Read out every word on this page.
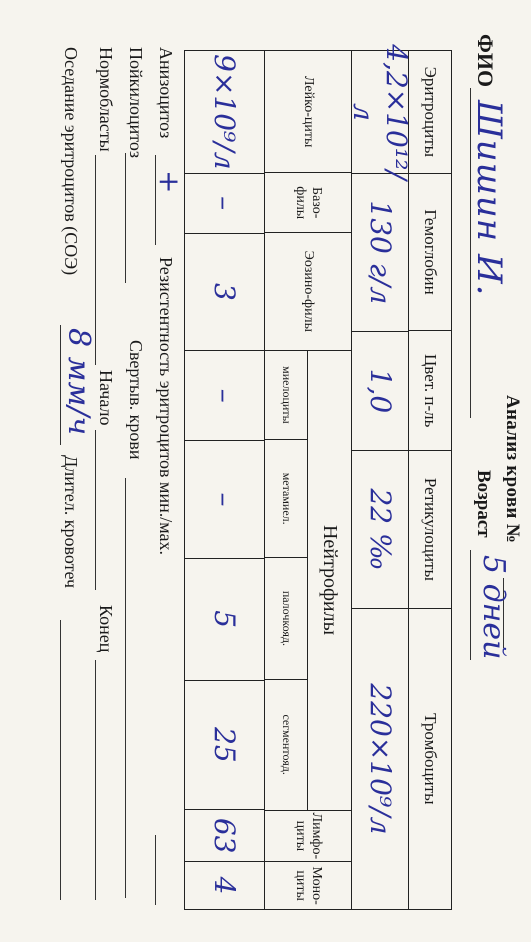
Анализ крови №
ФИО
Шишин И.
Возраст
5 дней
Эритроциты
Гемоглобин
Цвет. п-ль
Ретикулоциты
Тромбоциты
4,2×10¹²/л
130 г/л
1,0
22 ‰
220×10⁹/л
Лейко-циты
Базо-филы
Эозино-филы
Нейтрофилы
миелоциты
метамиел.
палочкояд.
сегментояд.
Лимфо-циты
Моно-циты
9×10⁹/л
–
3
–
–
5
25
63
4
Анизоцитоз
+
Резистентность эритроцитов мин./мах.
Пойкилоцитоз
Свертыв. крови
Нормобласты
Начало
Конец
Оседание эритроцитов (СОЭ)
8 мм/ч
Длител. кровотеч
